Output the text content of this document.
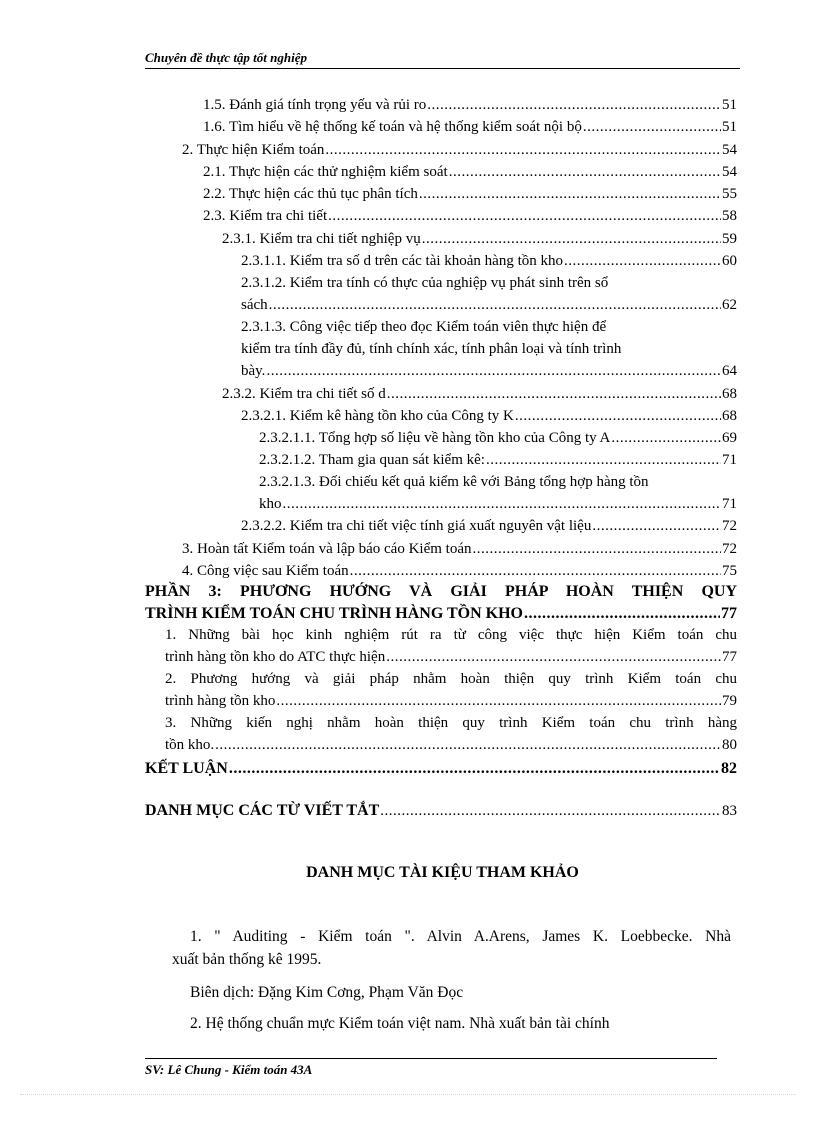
Chuyên đề thực tập tốt nghiệp
1.5. Đánh giá tính trọng yếu và rủi ro .....	51
1.6. Tìm hiểu về hệ thống kế toán và hệ thống kiểm soát nội bộ .....	51
2. Thực hiện Kiểm toán .....	54
2.1. Thực hiện các thử nghiệm kiểm soát .....	54
2.2. Thực hiện các thủ tục phân tích .....	55
2.3. Kiểm tra chi tiết .....	58
2.3.1. Kiểm tra chi tiết nghiệp vụ .....	59
2.3.1.1. Kiểm tra số d trên các tài khoản hàng tồn kho .....	60
2.3.1.2. Kiểm tra tính có thực của nghiệp vụ phát sinh trên sổ
sách .....	62
2.3.1.3. Công việc tiếp theo đọc Kiểm toán viên thực hiện để
kiểm tra tính đầy đủ, tính chính xác, tính phân loại và tính trình
bày. .....	64
2.3.2. Kiểm tra chi tiết số d .....	68
2.3.2.1. Kiểm kê hàng tồn kho của Công ty K .....	68
2.3.2.1.1. Tổng hợp số liệu về hàng tồn kho của Công ty A .....	69
2.3.2.1.2. Tham gia quan sát kiểm kê: .....	71
2.3.2.1.3. Đối chiếu kết quả kiểm kê với Bảng tổng hợp hàng tồn
kho .....	71
2.3.2.2. Kiểm tra chi tiết việc tính giá xuất nguyên vật liệu .....	72
3. Hoàn tất Kiểm toán và lập báo cáo Kiểm toán .....	72
4. Công việc sau Kiểm toán .....	75
PHẦN 3: PHƯƠNG HƯỚNG VÀ GIẢI PHÁP HOÀN THIỆN QUY
TRÌNH KIỂM TOÁN CHU TRÌNH HÀNG TỒN KHO .....	77
1. Những bài học kinh nghiệm rút ra từ công việc thực hiện Kiểm toán chu
trình hàng tồn kho do ATC thực hiện .....	77
2. Phương hướng và giải pháp nhằm hoàn thiện quy trình Kiểm toán chu
trình hàng tồn kho .....	79
3. Những kiến nghị nhằm hoàn thiện quy trình Kiểm toán chu trình hàng
tồn kho. .....	80
KẾT LUẬN .....	82
DANH MỤC CÁC TỪ VIẾT TẮT .....	83
DANH MỤC TÀI KIỆU THAM KHẢO
1. " Auditing - Kiểm toán ". Alvin A.Arens, James K. Loebbecke. Nhà
xuất bản thống kê 1995.
Biên dịch: Đặng Kim Cơng, Phạm Văn Đọc
2. Hệ thống chuẩn mực Kiểm toán việt nam. Nhà xuất bản tài chính
SV: Lê Chung - Kiểm toán 43A
